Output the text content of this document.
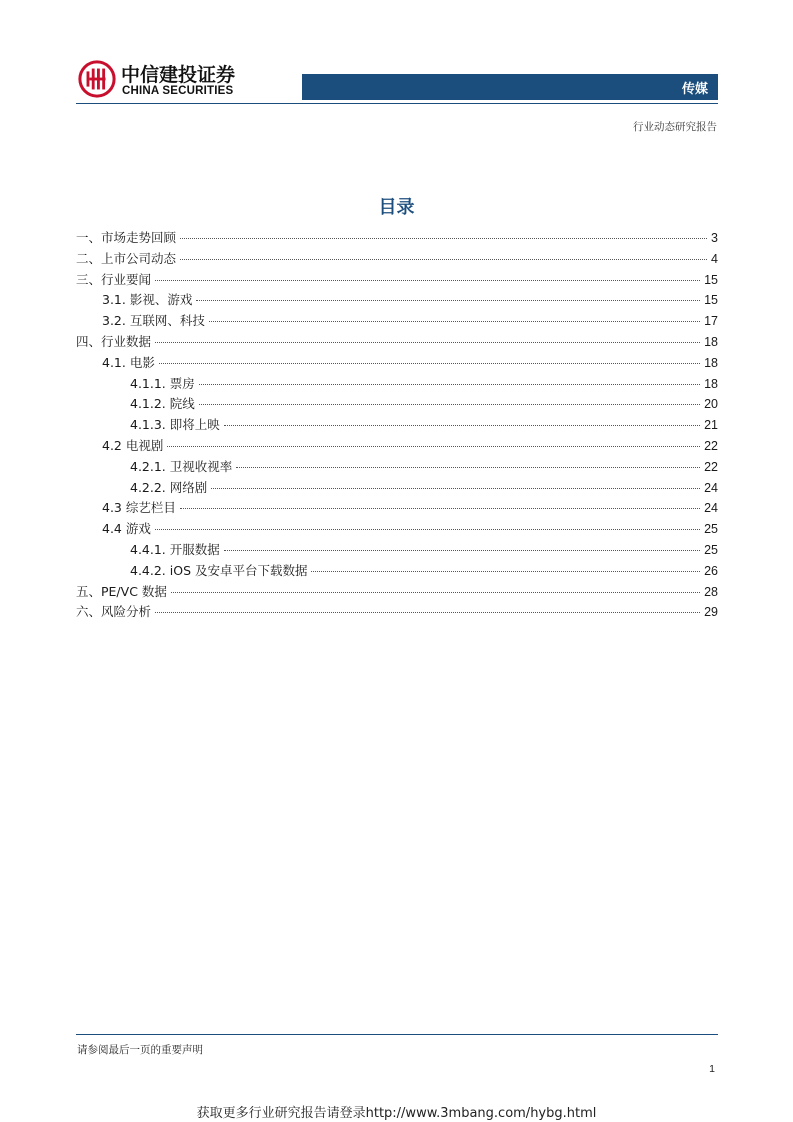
中信建投证券
CHINA SECURITIES	传媒
行业动态研究报告
目录
一、市场走势回顾	3
二、上市公司动态	4
三、行业要闻	15
3.1. 影视、游戏	15
3.2. 互联网、科技	17
四、行业数据	18
4.1. 电影	18
4.1.1. 票房	18
4.1.2. 院线	20
4.1.3. 即将上映	21
4.2 电视剧	22
4.2.1. 卫视收视率	22
4.2.2. 网络剧	24
4.3 综艺栏目	24
4.4 游戏	25
4.4.1. 开服数据	25
4.4.2. iOS 及安卓平台下载数据	26
五、PE/VC 数据	28
六、风险分析	29
请参阅最后一页的重要声明
1
获取更多行业研究报告请登录http://www.3mbang.com/hybg.html
